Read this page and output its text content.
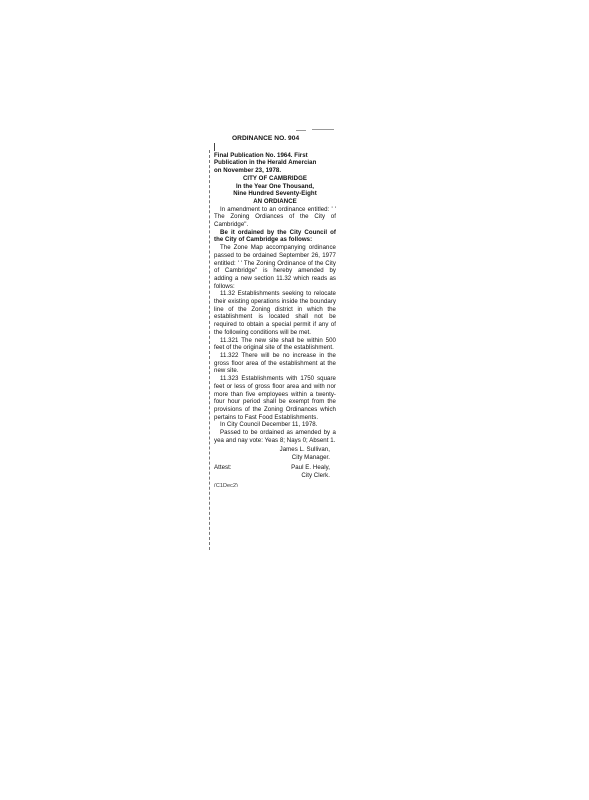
ORDINANCE NO. 904
Final Publication No. 1964. First
Publication in the Herald Amercian
on November 23, 1978.
CITY OF CAMBRIDGE
In the Year One Thousand,
Nine Hundred Seventy-Eight
AN ORDIANCE
In amendment to an ordinance entitled: ' ' The Zoning Ordiances of the City of Cambridge".
Be it ordained by the City Council of the City of Cambridge as follows:
The Zone Map accompanying ordinance passed to be ordained September 26, 1977 entitled: ' ' The Zoning Ordinance of the City of Cambridge" is hereby amended by adding a new section 11.32 which reads as follows:
11.32 Establishments seeking to relocate their existing operations inside the boundary line of the Zoning district in which the establishment is located shall not be required to obtain a special permit if any of the following conditions will be met.
11.321 The new site shall be within 500 feet of the original site of the establishment.
11.322 There will be no increase in the gross floor area of the establishment at the new site.
11.323 Establishments with 1750 square feet or less of gross floor area and with nor more than five employees within a twenty-four hour period shall be exempt from the provisions of the Zoning Ordinances which pertains to Fast Food Establishments.
In City Council December 11, 1978.
Passed to be ordained as amended by a yea and nay vote: Yeas 8; Nays 0; Absent 1.
James L. Sullivan,
City Manager.
Attest:	Paul E. Healy,
City Clerk.
(C1Dec2)
